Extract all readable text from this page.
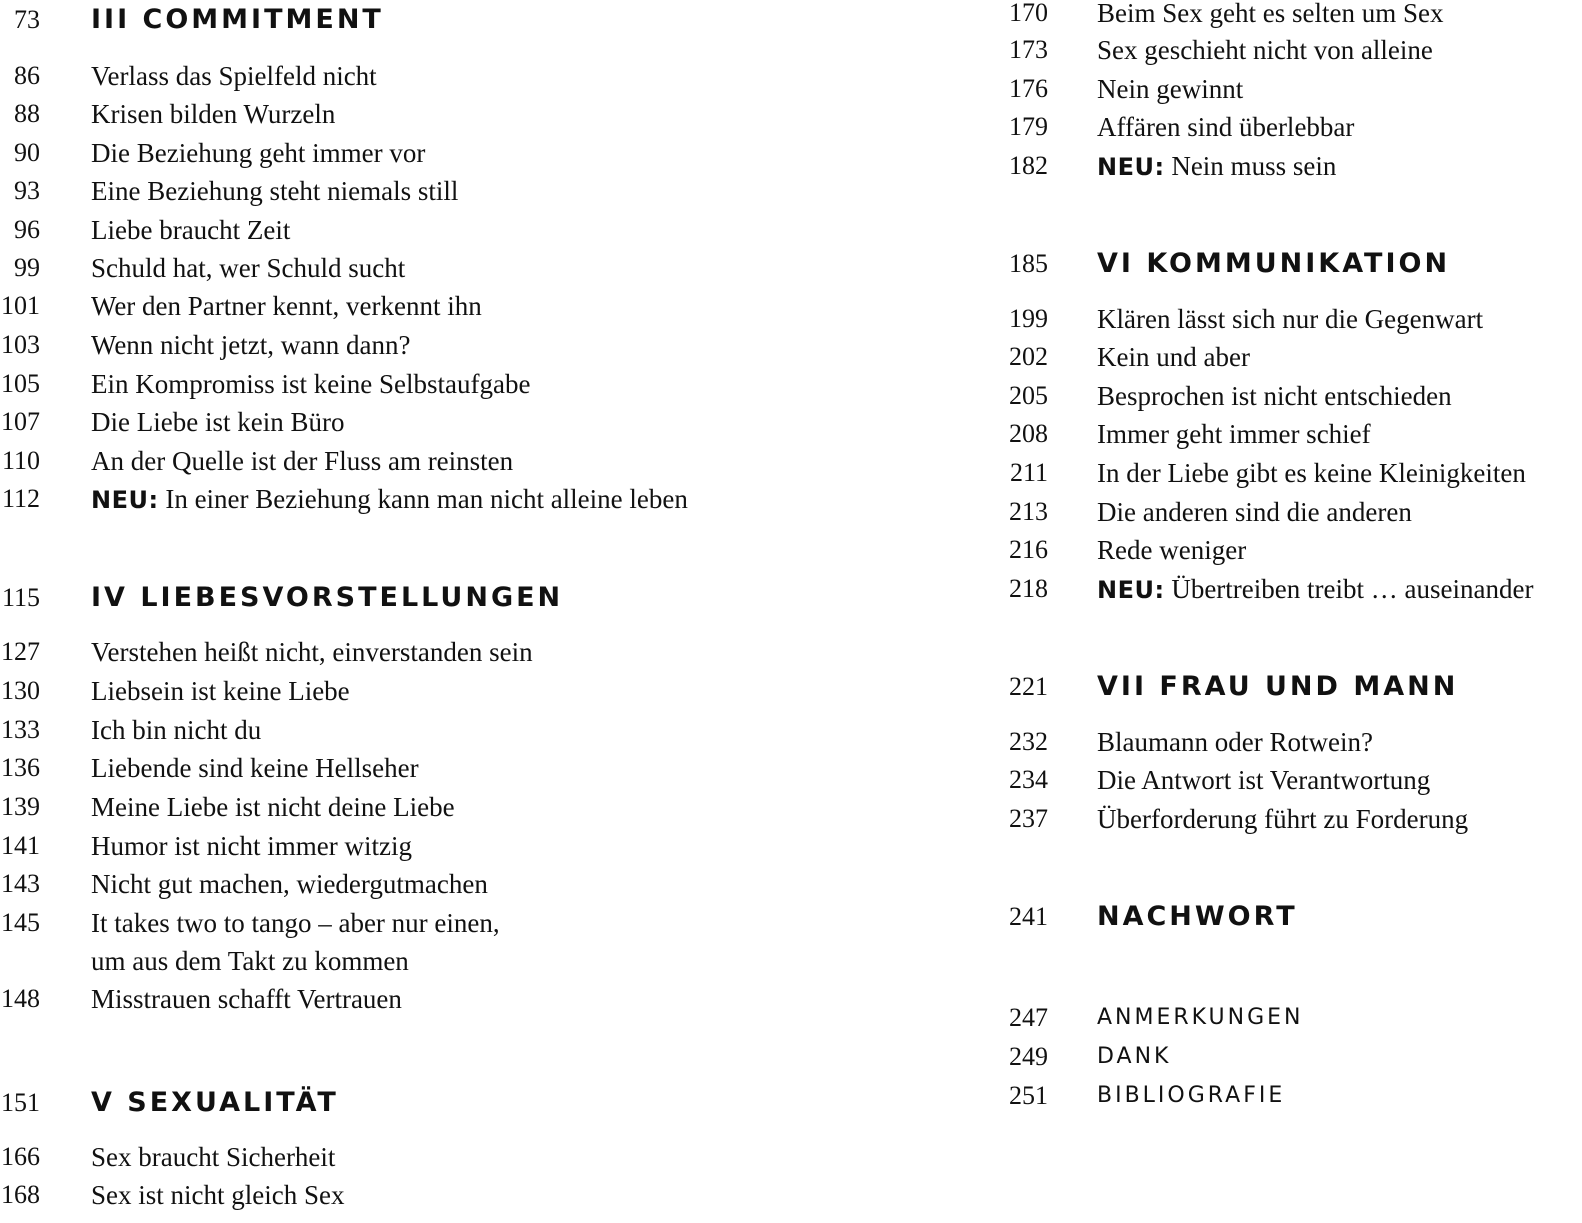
73 III COMMITMENT
86 Verlass das Spielfeld nicht
88 Krisen bilden Wurzeln
90 Die Beziehung geht immer vor
93 Eine Beziehung steht niemals still
96 Liebe braucht Zeit
99 Schuld hat, wer Schuld sucht
101 Wer den Partner kennt, verkennt ihn
103 Wenn nicht jetzt, wann dann?
105 Ein Kompromiss ist keine Selbstaufgabe
107 Die Liebe ist kein Büro
110 An der Quelle ist der Fluss am reinsten
112 NEU: In einer Beziehung kann man nicht alleine leben
115 IV LIEBESVORSTELLUNGEN
127 Verstehen heißt nicht, einverstanden sein
130 Liebsein ist keine Liebe
133 Ich bin nicht du
136 Liebende sind keine Hellseher
139 Meine Liebe ist nicht deine Liebe
141 Humor ist nicht immer witzig
143 Nicht gut machen, wiedergutmachen
145 It takes two to tango – aber nur einen,
um aus dem Takt zu kommen
148 Misstrauen schafft Vertrauen
151 V SEXUALITÄT
166 Sex braucht Sicherheit
168 Sex ist nicht gleich Sex
170 Beim Sex geht es selten um Sex
173 Sex geschieht nicht von alleine
176 Nein gewinnt
179 Affären sind überlebbar
182 NEU: Nein muss sein
185 VI KOMMUNIKATION
199 Klären lässt sich nur die Gegenwart
202 Kein und aber
205 Besprochen ist nicht entschieden
208 Immer geht immer schief
211 In der Liebe gibt es keine Kleinigkeiten
213 Die anderen sind die anderen
216 Rede weniger
218 NEU: Übertreiben treibt … auseinander
221 VII FRAU UND MANN
232 Blaumann oder Rotwein?
234 Die Antwort ist Verantwortung
237 Überforderung führt zu Forderung
241 NACHWORT
247 ANMERKUNGEN
249 DANK
251 BIBLIOGRAFIE
